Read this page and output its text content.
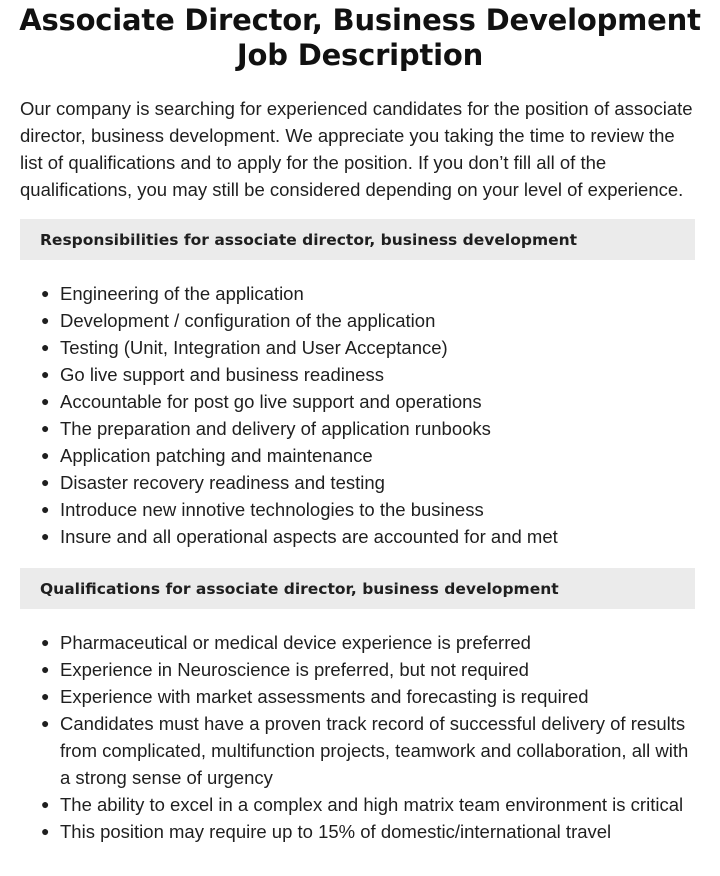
Associate Director, Business Development Job Description

Our company is searching for experienced candidates for the position of associate director, business development. We appreciate you taking the time to review the list of qualifications and to apply for the position. If you don’t fill all of the qualifications, you may still be considered depending on your level of experience.

Responsibilities for associate director, business development
● Engineering of the application
● Development / configuration of the application
● Testing (Unit, Integration and User Acceptance)
● Go live support and business readiness
● Accountable for post go live support and operations
● The preparation and delivery of application runbooks
● Application patching and maintenance
● Disaster recovery readiness and testing
● Introduce new innotive technologies to the business
● Insure and all operational aspects are accounted for and met
Qualifications for associate director, business development
● Pharmaceutical or medical device experience is preferred
● Experience in Neuroscience is preferred, but not required
● Experience with market assessments and forecasting is required
● Candidates must have a proven track record of successful delivery of results from complicated, multifunction projects, teamwork and collaboration, all with a strong sense of urgency
● The ability to excel in a complex and high matrix team environment is critical
● This position may require up to 15% of domestic/international travel
